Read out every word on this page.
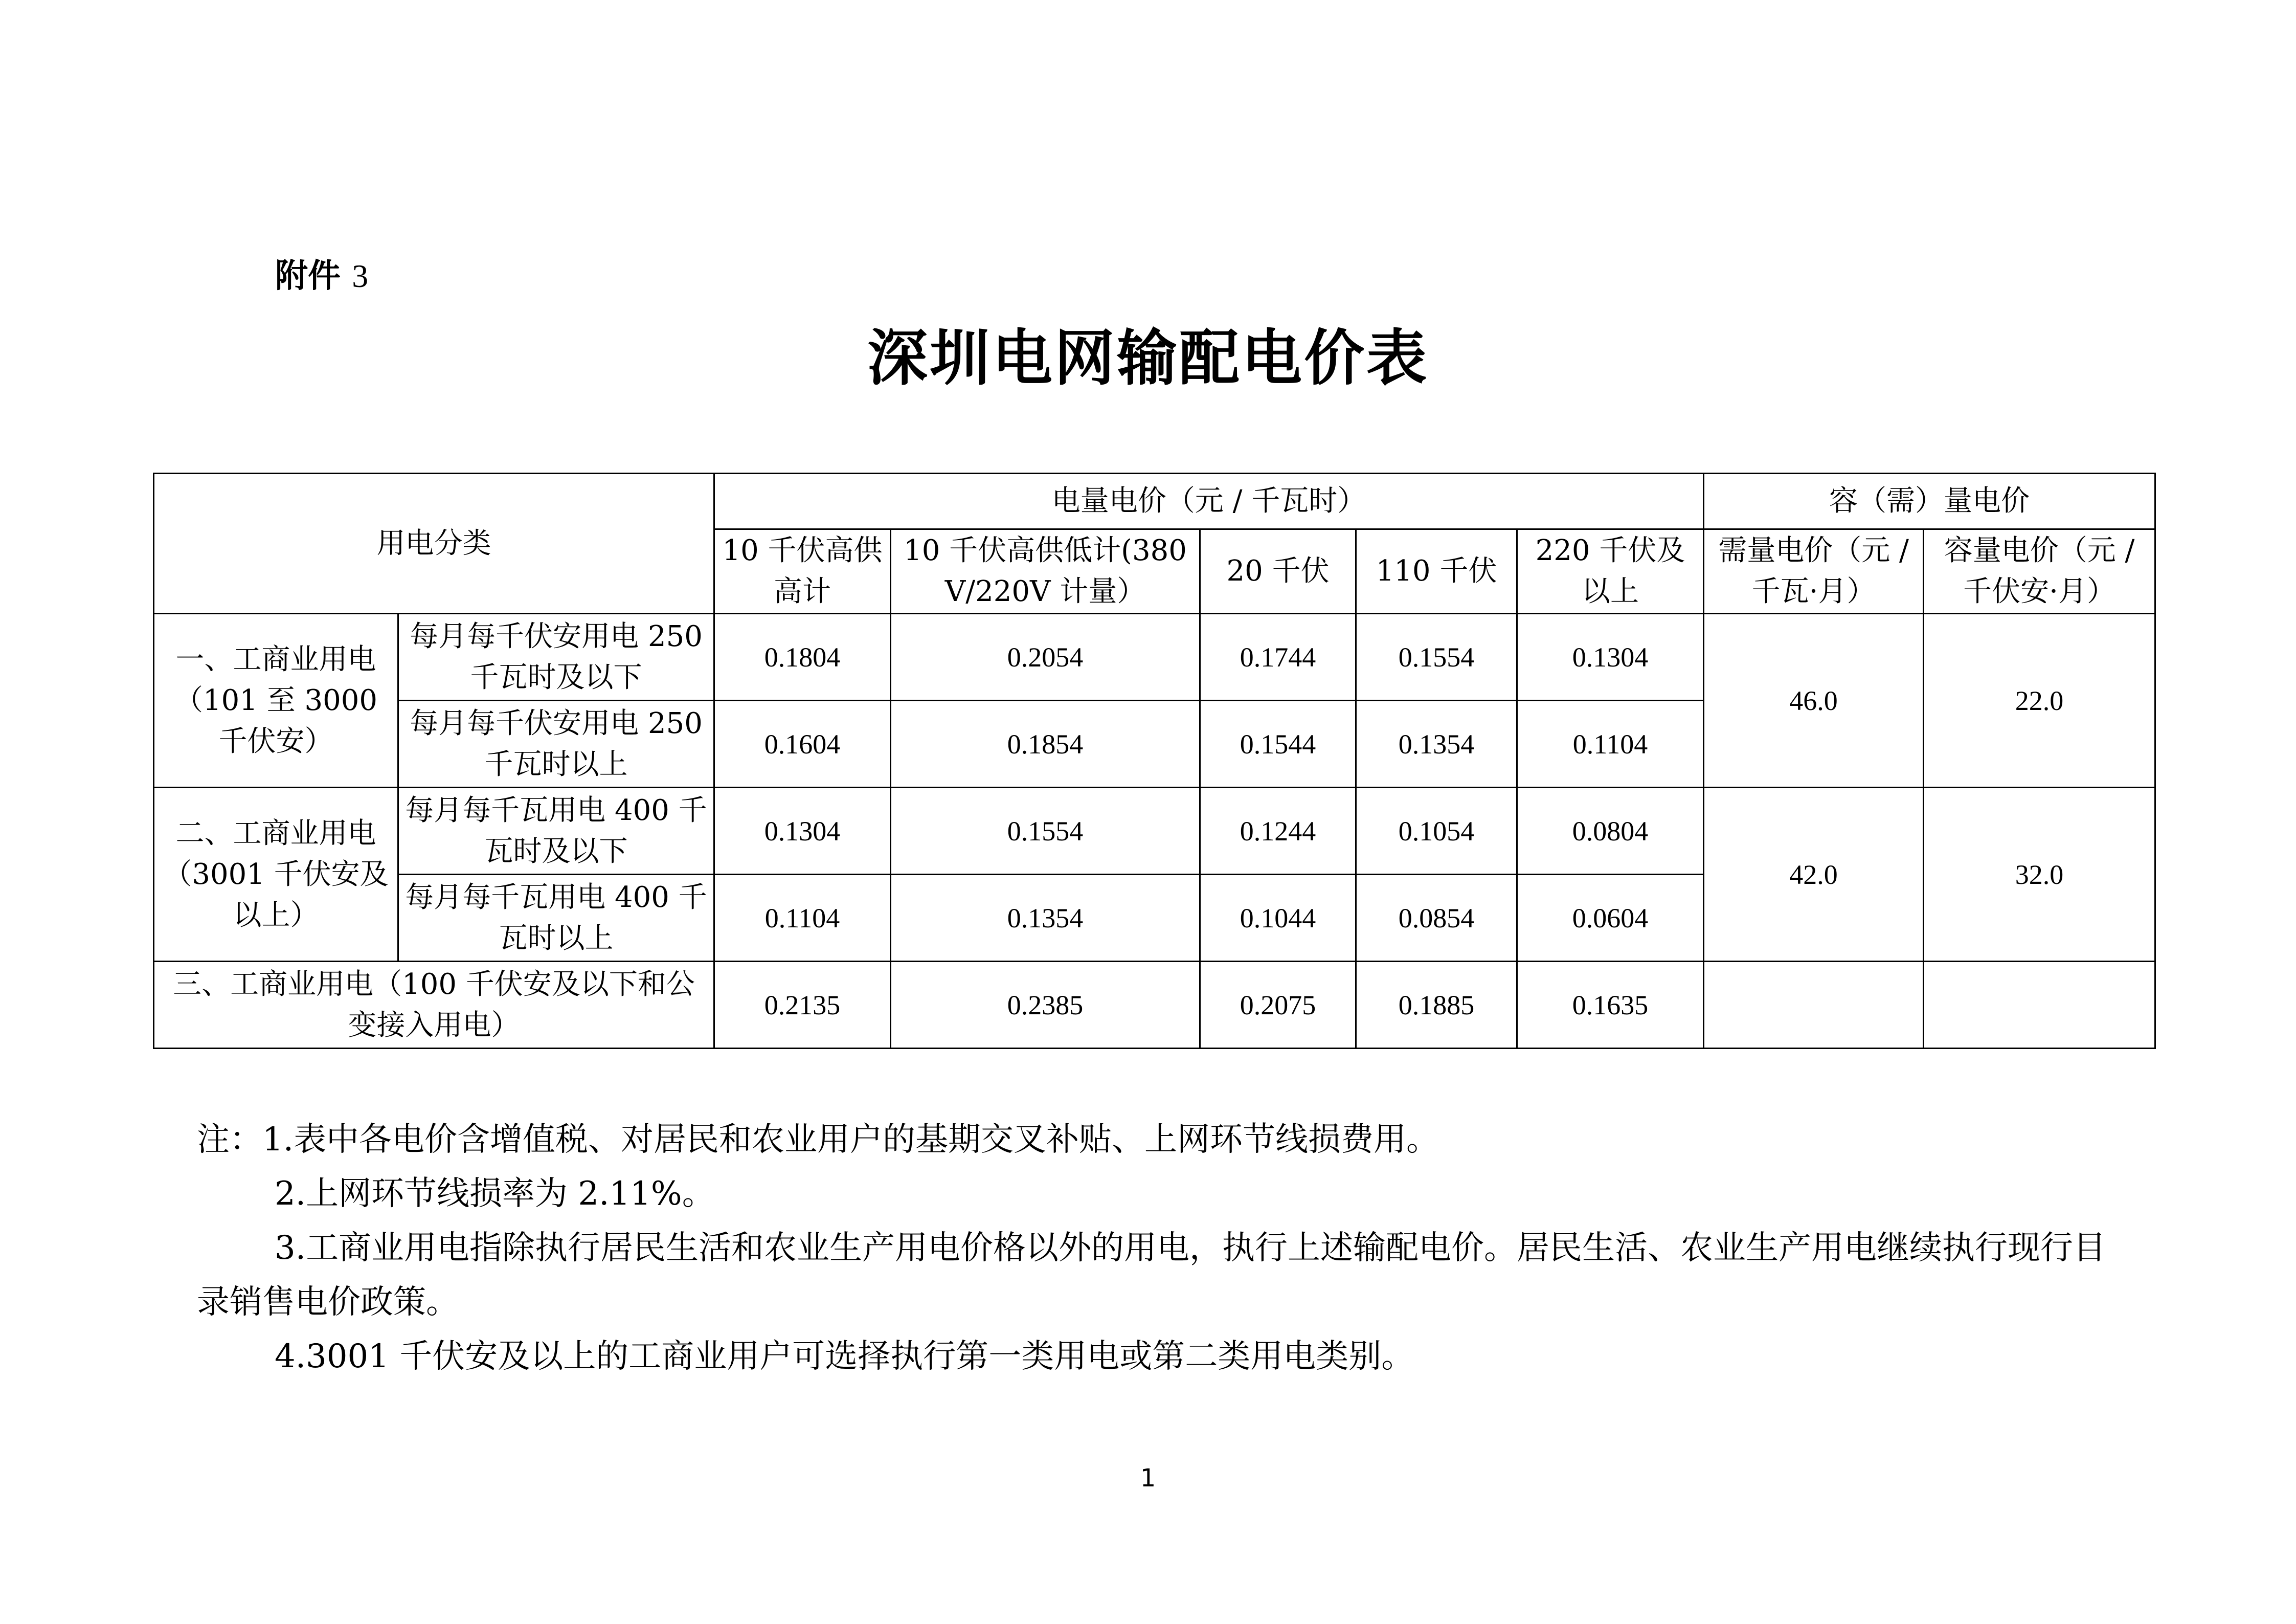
附件 3
深圳电网输配电价表
用电分类		电量电价（元 / 千瓦时）					容（需）量电价	
		10 千伏高供高计	10 千伏高供低计(380V/220V 计量）	20 千伏	110 千伏	220 千伏及以上	需量电价（元 / 千瓦·月）	容量电价（元 / 千伏安·月）
一、工商业用电（101 至 3000 千伏安）	每月每千伏安用电 250 千瓦时及以下	0.1804	0.2054	0.1744	0.1554	0.1304	46.0	22.0
	每月每千伏安用电 250 千瓦时以上	0.1604	0.1854	0.1544	0.1354	0.1104		
二、工商业用电（3001 千伏安及以上）	每月每千瓦用电 400 千瓦时及以下	0.1304	0.1554	0.1244	0.1054	0.0804	42.0	32.0
	每月每千瓦用电 400 千瓦时以上	0.1104	0.1354	0.1044	0.0854	0.0604		
三、工商业用电（100 千伏安及以下和公变接入用电）		0.2135	0.2385	0.2075	0.1885	0.1635		

注：1.表中各电价含增值税、对居民和农业用户的基期交叉补贴、上网环节线损费用。

2.上网环节线损率为 2.11%。

3.工商业用电指除执行居民生活和农业生产用电价格以外的用电，执行上述输配电价。居民生活、农业生产用电继续执行现行目录销售电价政策。

4.3001 千伏安及以上的工商业用户可选择执行第一类用电或第二类用电类别。

1
